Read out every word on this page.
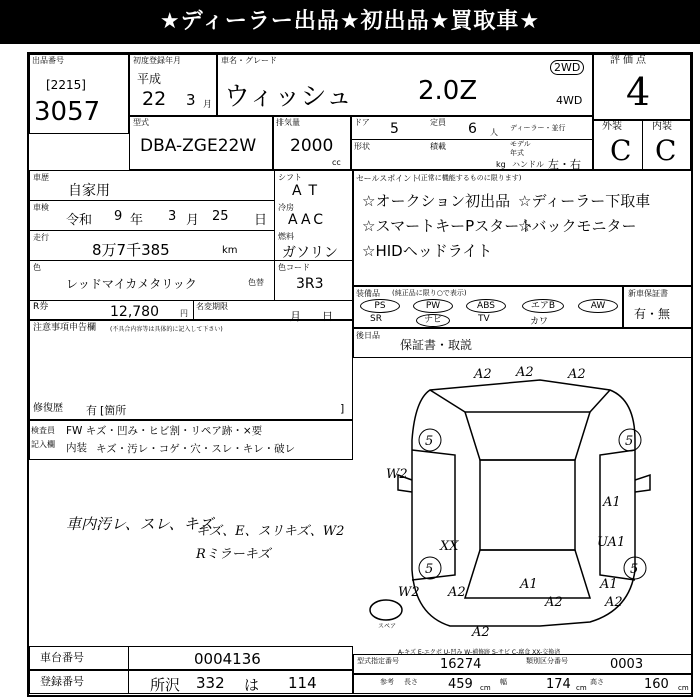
★ディーラー出品★初出品★買取車★
出品番号
[2215]
3057
初度登録年月
平成
22 3 月
車名・グレード
ウィッシュ	2.0Z
2WD
4WD
評価点
4
外装	内装
C C
型式
DBA-ZGE22W
排気量
2000
cc
ドア 5	定員 6 人 ディーラー・並行
形状	積載
kg
モデル年式
ハンドル 左・右
車歴
自家用
車検
令和 9 年 3 月 25 日
走行
8万7千385	km
色
レッドマイカメタリック	色替
シフト
AT
冷房
AAC
燃料
ガソリン
色コード
3R3
R券	12,780	円
名変期限
月 日
注意事項申告欄 (不具合内容等は具体的に記入して下さい)
修復歴 有 [箇所	]
検査員
記入欄
FW キズ・凹み・ヒビ割・リペア跡・×要
内装 キズ・汚レ・コゲ・穴・スレ・キレ・破レ
車内汚レ、スレ、キズ
キズ、E、スリキズ、W2
Rミラーキズ
セールスポイント
(正常に機能するものに限ります)
☆オークション初出品 ☆ディーラー下取車
☆スマートキーPスタート
☆バックモニター
☆HIDヘッドライト
装備品 (純正品に限り○で表示)
PS	PW	ABS	エアB	AW
SR	ナビ	TV	カワ
新車保証書
有・無
後日品
保証書・取説
A2 A2	A2
5	5
W2
A1
UA1
XX
5	5
A1	A1
W2 A2
A2	A2
A2
スペア
A-キズ E-エクボ U-凹み W-補修跡 S-サビ C-腐食 XX-交換済
車台番号	0004136
登録番号	所沢 332 は 114
型式指定番号	16274	類別区分番号	0003
参考 長さ 459 cm
幅	174 cm
高さ	160 cm
